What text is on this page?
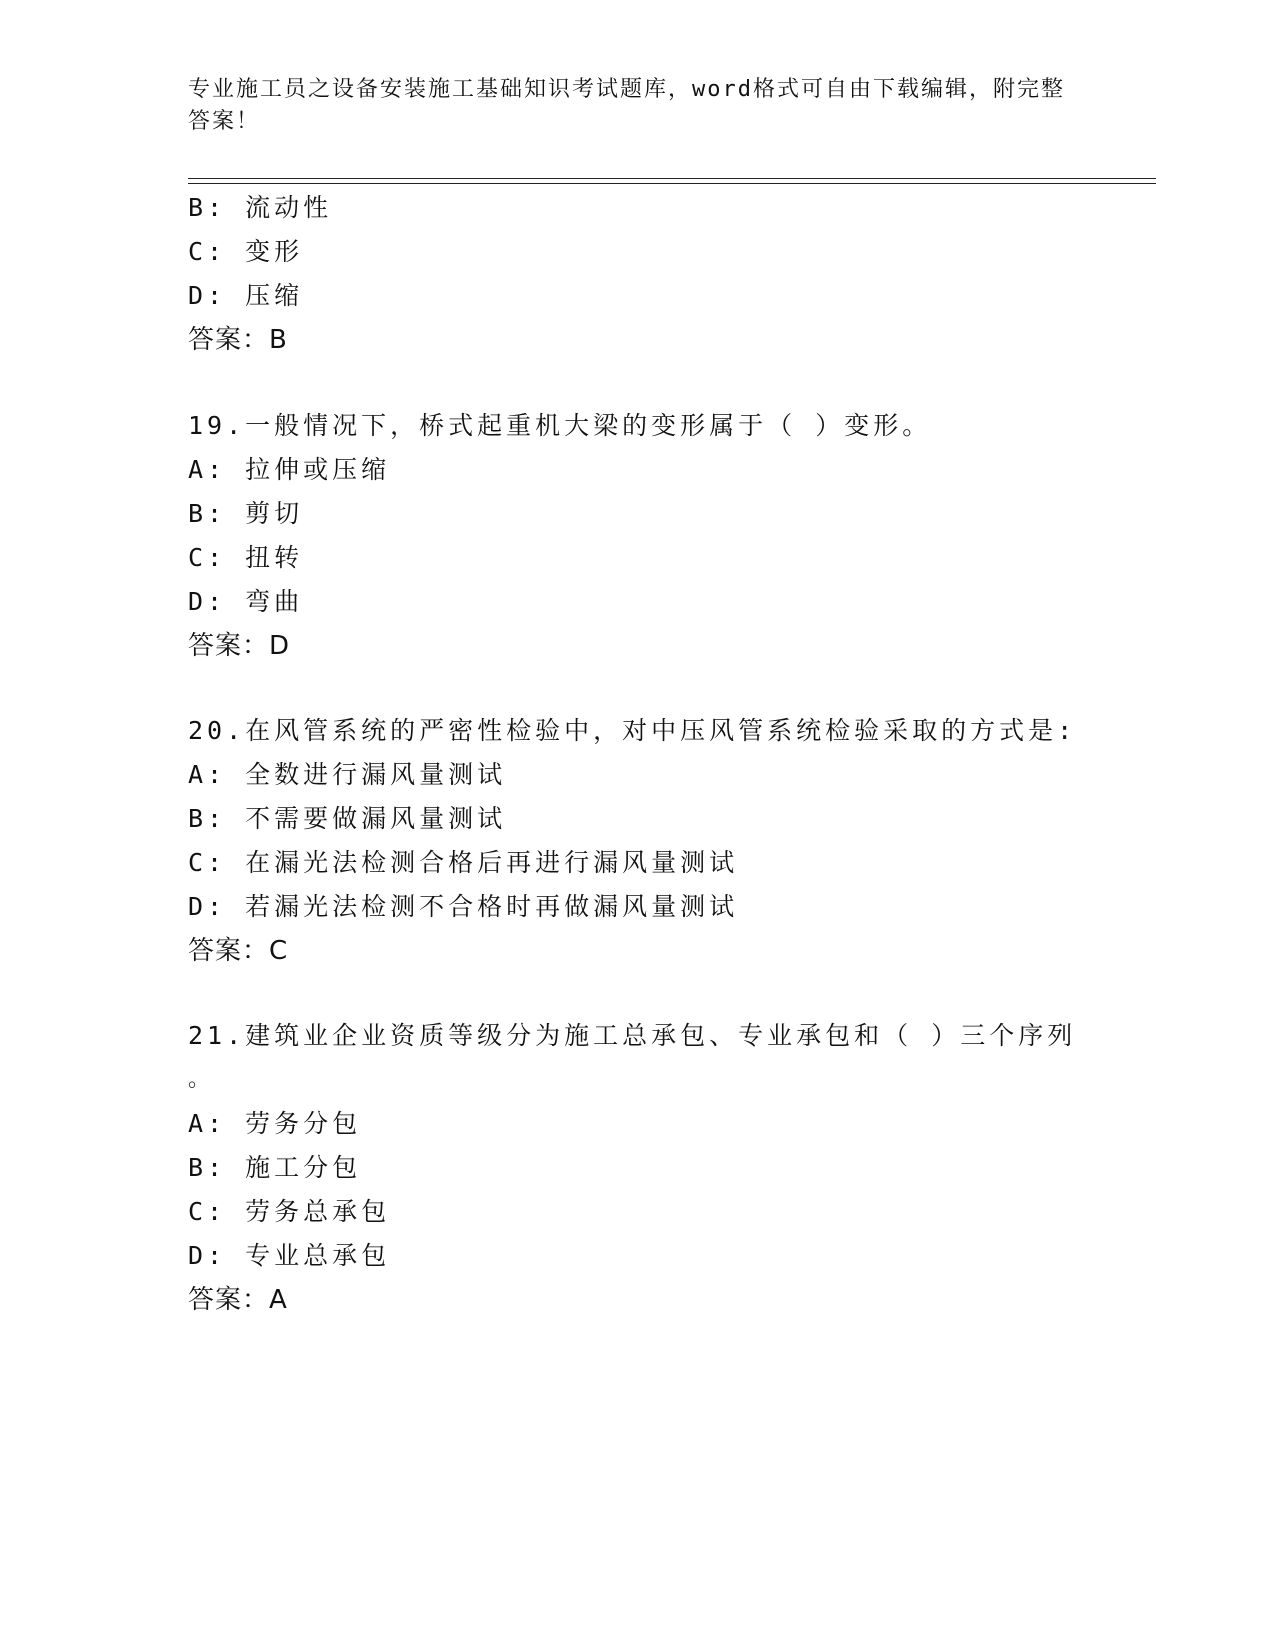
专业施工员之设备安装施工基础知识考试题库，word格式可自由下载编辑，附完整答案！
B: 流动性
C: 变形
D: 压缩
答案：B
19.一般情况下，桥式起重机大梁的变形属于（ ）变形。
A: 拉伸或压缩
B: 剪切
C: 扭转
D: 弯曲
答案：D
20.在风管系统的严密性检验中，对中压风管系统检验采取的方式是:
A: 全数进行漏风量测试
B: 不需要做漏风量测试
C: 在漏光法检测合格后再进行漏风量测试
D: 若漏光法检测不合格时再做漏风量测试
答案：C
21.建筑业企业资质等级分为施工总承包、专业承包和（ ）三个序列
。
A: 劳务分包
B: 施工分包
C: 劳务总承包
D: 专业总承包
答案：A
